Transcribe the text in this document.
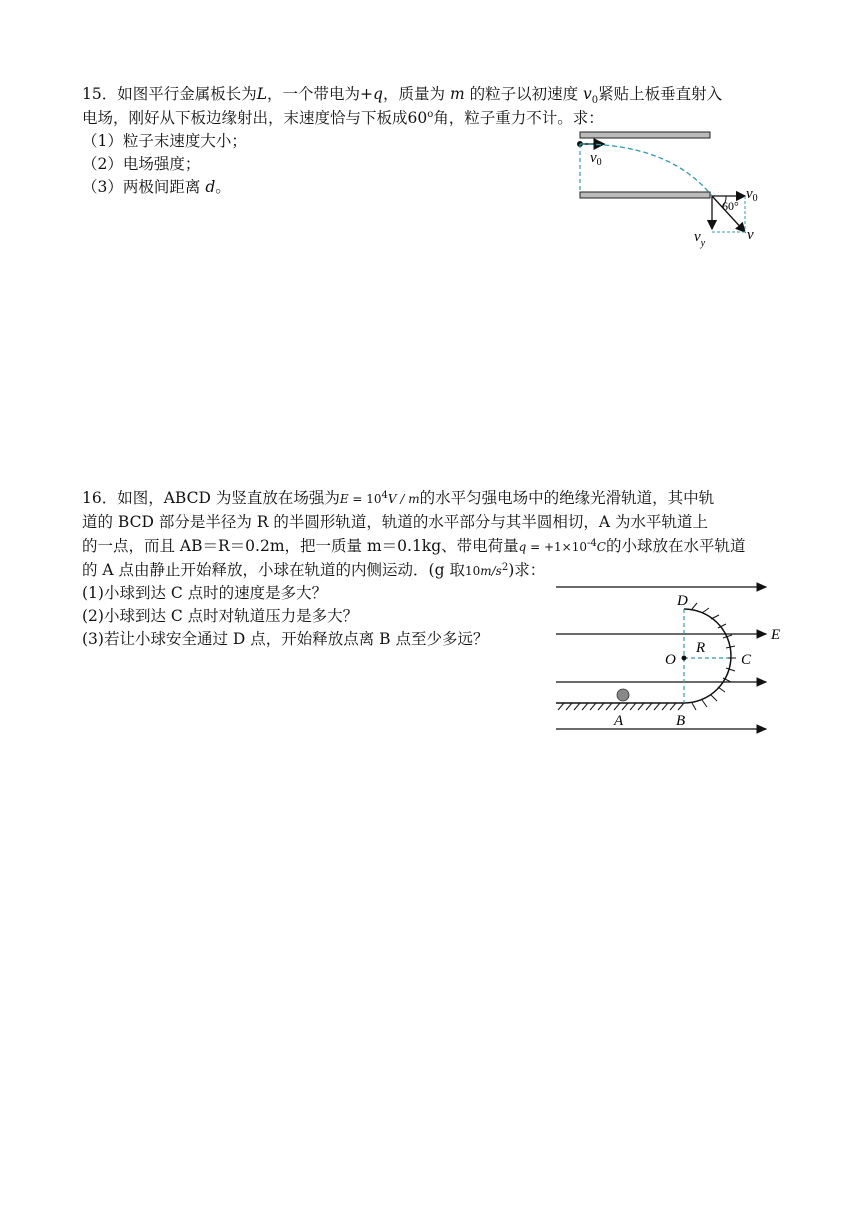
15．如图平行金属板长为L，一个带电为+q，质量为 m 的粒子以初速度 $v_0$紧贴上板垂直射入
电场，刚好从下板边缘射出，末速度恰与下板成60$^o$角，粒子重力不计。求：
（1）粒子末速度大小；
（2）电场强度；
（3）两极间距离 d。
$v_0$
$v_0$
60°
$v_y$
v
16．如图，ABCD 为竖直放在场强为$E = 10^4V / m$的水平匀强电场中的绝缘光滑轨道，其中轨
道的 BCD 部分是半径为 R 的半圆形轨道，轨道的水平部分与其半圆相切，A 为水平轨道上
的一点，而且 AB＝R＝0.2m，把一质量 m＝0.1kg、带电荷量$q = +1\times 10^{-4}C$的小球放在水平轨道
的 A 点由静止开始释放，小球在轨道的内侧运动．(g 取$10m/s^2$)求：
(1)小球到达 C 点时的速度是多大？
(2)小球到达 C 点时对轨道压力是多大？
(3)若让小球安全通过 D 点，开始释放点离 B 点至少多远？
D
E
O
R
C
A	B
